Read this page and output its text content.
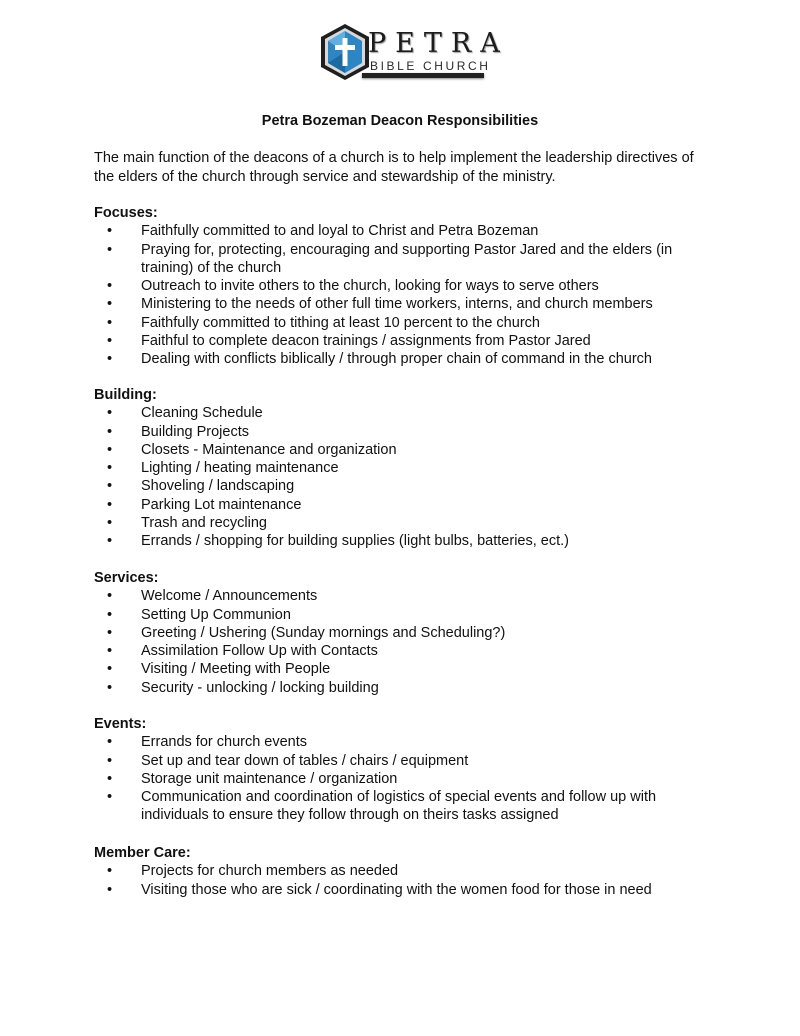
PETRA
BIBLE CHURCH
Petra Bozeman Deacon Responsibilities
The main function of the deacons of a church is to help implement the leadership directives of the elders of the church through service and stewardship of the ministry.
Focuses:
• Faithfully committed to and loyal to Christ and Petra Bozeman
• Praying for, protecting, encouraging and supporting Pastor Jared and the elders (in training) of the church
• Outreach to invite others to the church, looking for ways to serve others
• Ministering to the needs of other full time workers, interns, and church members
• Faithfully committed to tithing at least 10 percent to the church
• Faithful to complete deacon trainings / assignments from Pastor Jared
• Dealing with conflicts biblically / through proper chain of command in the church
Building:
• Cleaning Schedule
• Building Projects
• Closets - Maintenance and organization
• Lighting / heating maintenance
• Shoveling / landscaping
• Parking Lot maintenance
• Trash and recycling
• Errands / shopping for building supplies (light bulbs, batteries, ect.)
Services:
• Welcome / Announcements
• Setting Up Communion
• Greeting / Ushering (Sunday mornings and Scheduling?)
• Assimilation Follow Up with Contacts
• Visiting / Meeting with People
• Security - unlocking / locking building
Events:
• Errands for church events
• Set up and tear down of tables / chairs / equipment
• Storage unit maintenance / organization
• Communication and coordination of logistics of special events and follow up with individuals to ensure they follow through on theirs tasks assigned
Member Care:
• Projects for church members as needed
• Visiting those who are sick / coordinating with the women food for those in need
